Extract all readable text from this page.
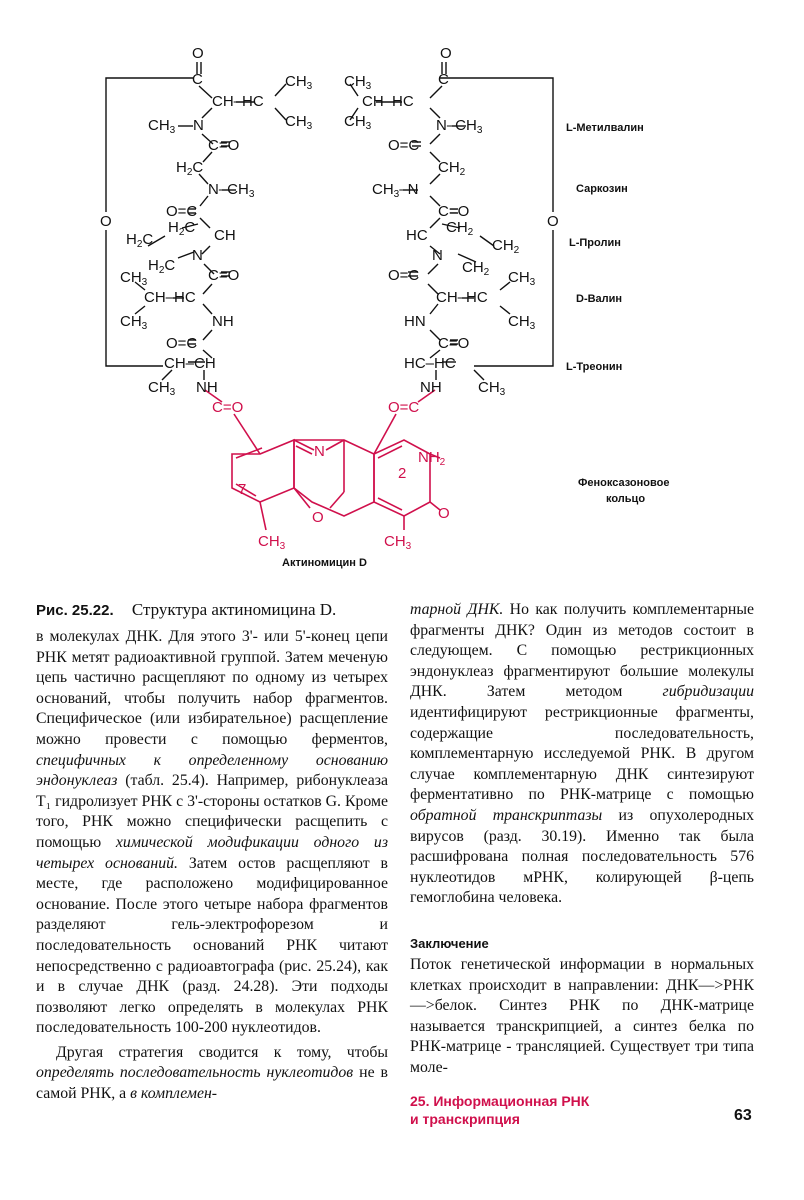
O
C
CH–HC
$CH_3$
$CH_3$
$CH_3$ N
C=O
$H_2C$
$N-CH_3$
O=C
$H_2C$
$H_2C$ CH
$H_2C$
N
C=O
$CH_3$
CH–HC
$CH_3$	NH
O=C
CH–CH
$CH_3$ NH
C=O
O
C
$CH_3$
CH–HC
$CH_3$	$N-CH_3$
O=C
$CH_2$
$CH_3-N$
C=O
HC $CH_2$
$CH_2$
N
$CH_2$
O=C
CH–HC
$CH_3$
$CH_3$
HN
C=O
HC–HC
NH $CH_3$
O=C
O	O
N
O
$NH_2$
O
2
7
$CH_3$	$CH_3$
Актиномицин D
L-Метилвалин
Саркозин
L-Пролин
D-Валин
L-Треонин
Феноксазоновое
кольцо
Рис. 25.22. Структура актиномицина D.

в молекулах ДНК. Для этого 3'- или 5'-конец цепи РНК метят радиоактивной группой. Затем меченую цепь частично расщепляют по одному из четырех оснований, чтобы получить набор фрагментов. Специфическое (или избирательное) расщепление можно провести с помощью ферментов, специфичных к определенному основанию эндонуклеаз (табл. 25.4). Например, рибонуклеаза T₁ гидролизует РНК с 3'-стороны остатков G. Кроме того, РНК можно специфически расщепить с помощью химической модификации одного из четырех оснований. Затем остов расщепляют в месте, где расположено модифицированное основание. После этого четыре набора фрагментов разделяют гель-электрофорезом и последовательность оснований РНК читают непосредственно с радиоавтографа (рис. 25.24), как и в случае ДНК (разд. 24.28). Эти подходы позволяют легко определять в молекулах РНК последовательность 100-200 нуклеотидов.

Другая стратегия сводится к тому, чтобы определять последовательность нуклеотидов не в самой РНК, а в комплемен-

тарной ДНК. Но как получить комплементарные фрагменты ДНК? Один из методов состоит в следующем. С помощью рестрикционных эндонуклеаз фрагментируют большие молекулы ДНК. Затем методом гибридизации идентифицируют рестрикционные фрагменты, содержащие последовательность, комплементарную исследуемой РНК. В другом случае комплементарную ДНК синтезируют ферментативно по РНК-матрице с помощью обратной транскриптазы из опухолеродных вирусов (разд. 30.19). Именно так была расшифрована полная последовательность 576 нуклеотидов мРНК, колирующей β-цепь гемоглобина человека.

Заключение
Поток генетической информации в нормальных клетках происходит в направлении: ДНК—>РНК—>белок. Синтез РНК по ДНК-матрице называется транскрипцией, а синтез белка по РНК-матрице - трансляцией. Существует три типа моле-
25. Информационная РНК
и транскрипция	63
